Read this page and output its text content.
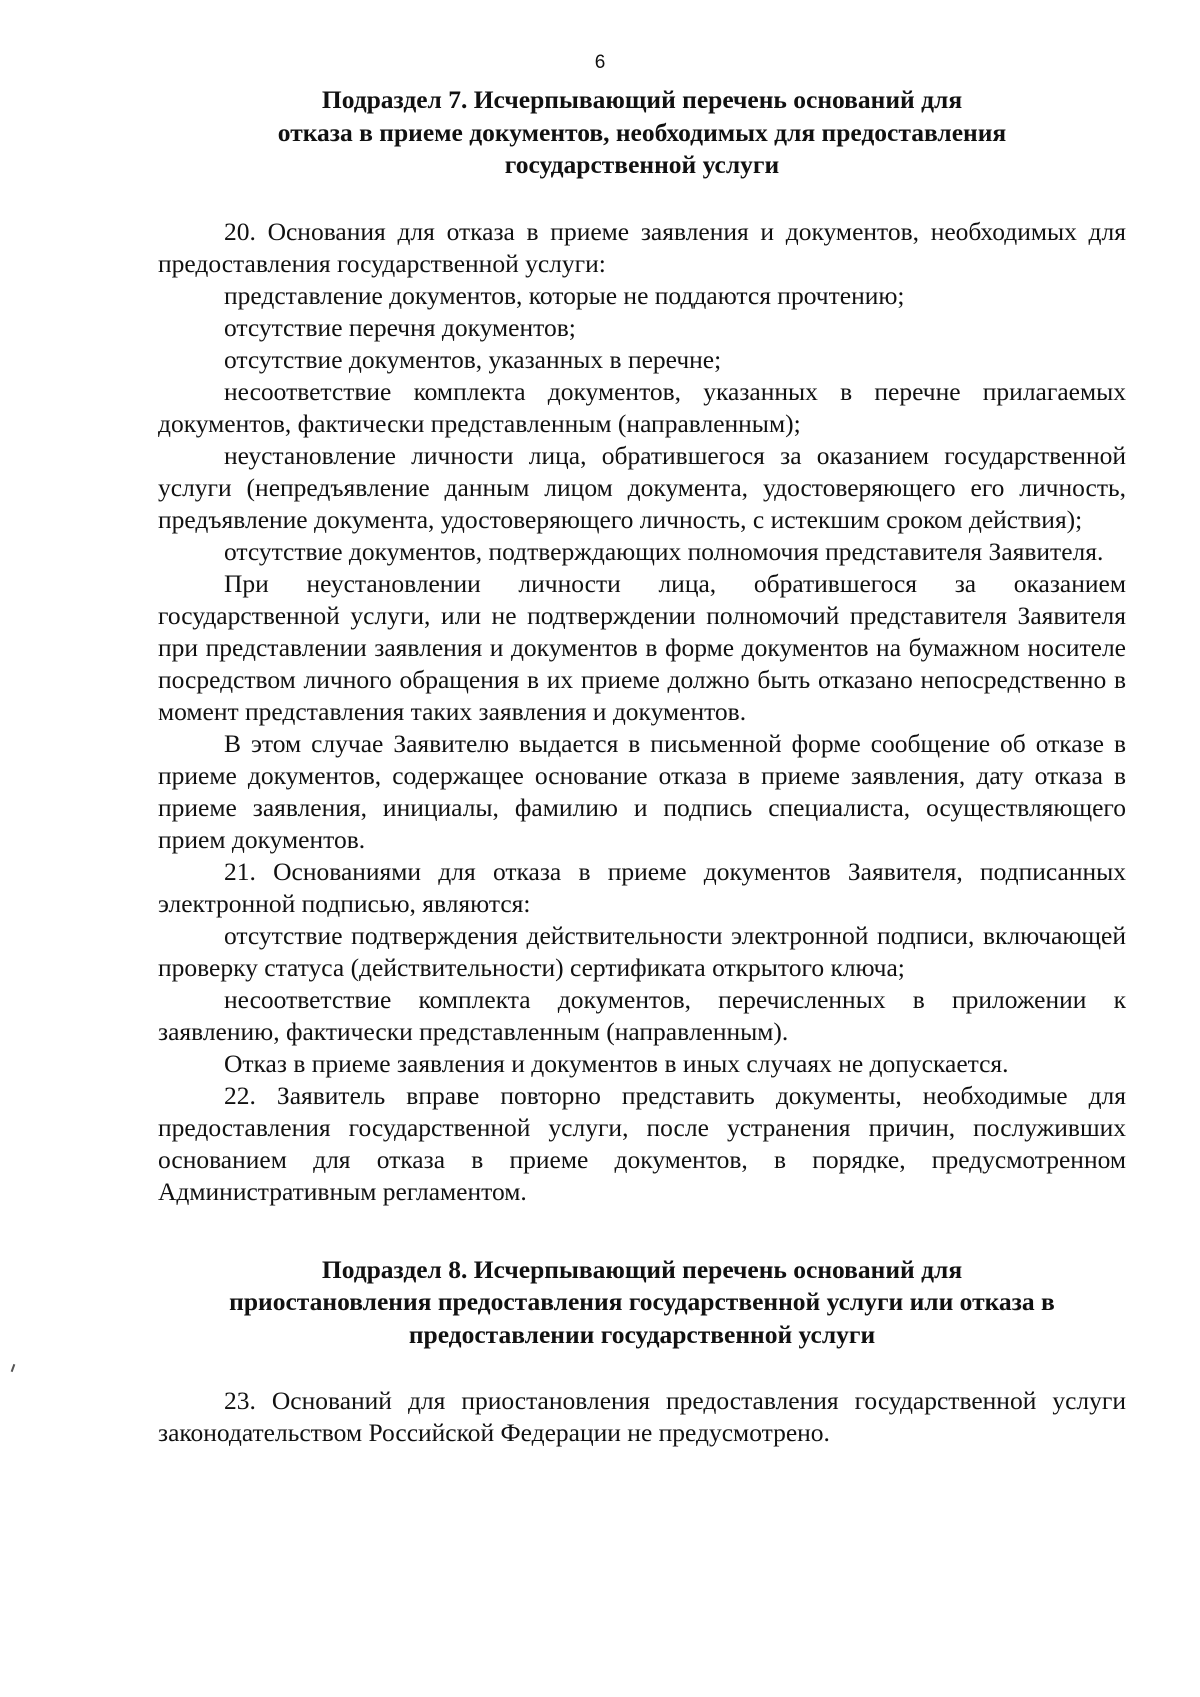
6
Подраздел 7. Исчерпывающий перечень оснований для
отказа в приеме документов, необходимых для предоставления
государственной услуги

20. Основания для отказа в приеме заявления и документов, необходимых для предоставления государственной услуги:

представление документов, которые не поддаются прочтению;

отсутствие перечня документов;

отсутствие документов, указанных в перечне;

несоответствие комплекта документов, указанных в перечне прилагаемых документов, фактически представленным (направленным);

неустановление личности лица, обратившегося за оказанием государственной услуги (непредъявление данным лицом документа, удостоверяющего его личность, предъявление документа, удостоверяющего личность, с истекшим сроком действия);

отсутствие документов, подтверждающих полномочия представителя Заявителя.

При неустановлении личности лица, обратившегося за оказанием государственной услуги, или не подтверждении полномочий представителя Заявителя при представлении заявления и документов в форме документов на бумажном носителе посредством личного обращения в их приеме должно быть отказано непосредственно в момент представления таких заявления и документов.

В этом случае Заявителю выдается в письменной форме сообщение об отказе в приеме документов, содержащее основание отказа в приеме заявления, дату отказа в приеме заявления, инициалы, фамилию и подпись специалиста, осуществляющего прием документов.

21. Основаниями для отказа в приеме документов Заявителя, подписанных электронной подписью, являются:

отсутствие подтверждения действительности электронной подписи, включающей проверку статуса (действительности) сертификата открытого ключа;

несоответствие комплекта документов, перечисленных в приложении к заявлению, фактически представленным (направленным).

Отказ в приеме заявления и документов в иных случаях не допускается.

22. Заявитель вправе повторно представить документы, необходимые для предоставления государственной услуги, после устранения причин, послуживших основанием для отказа в приеме документов, в порядке, предусмотренном Административным регламентом.

Подраздел 8. Исчерпывающий перечень оснований для
приостановления предоставления государственной услуги или отказа в
предоставлении государственной услуги

23. Оснований для приостановления предоставления государственной услуги законодательством Российской Федерации не предусмотрено.
